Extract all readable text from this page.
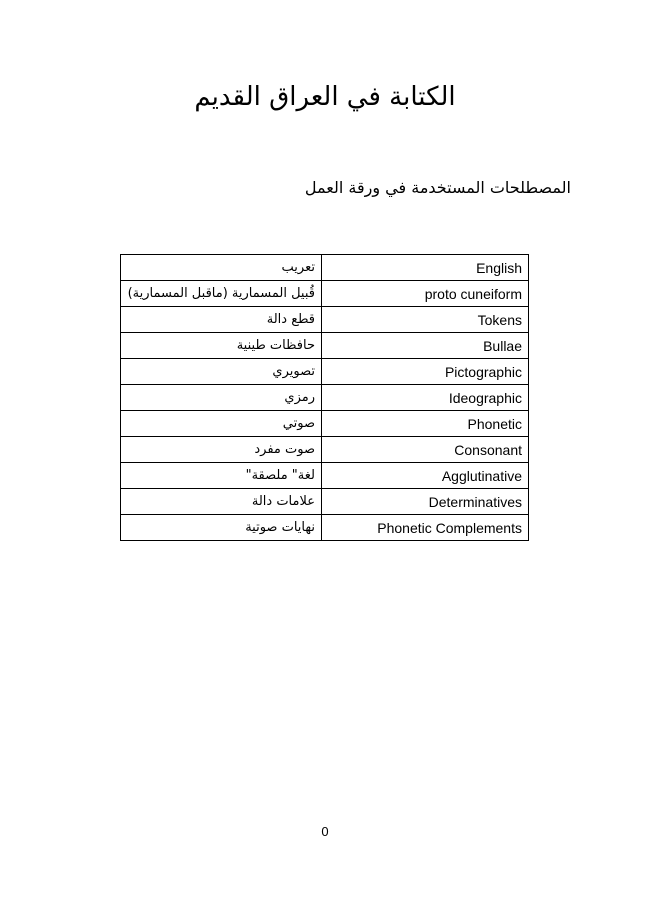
الكتابة في العراق القديم
المصطلحات المستخدمة في ورقة العمل
تعريب	English
قُبيل المسمارية (ماقبل المسمارية)	proto cuneiform
قطع دالة	Tokens
حافظات طينية	Bullae
تصويري	Pictographic
رمزي	Ideographic
صوتي	Phonetic
صوت مفرد	Consonant
لغة" ملصقة"	Agglutinative
علامات دالة	Determinatives
نهايات صوتية	Phonetic Complements
0
